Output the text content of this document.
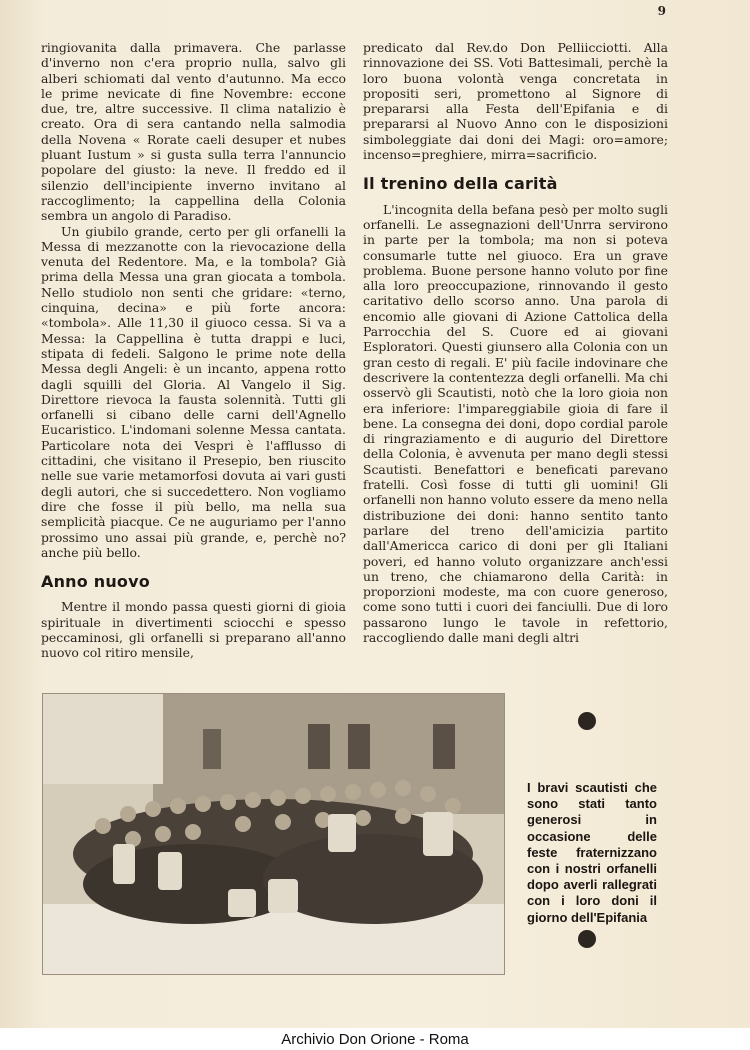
9

ringiovanita dalla primavera. Che parlasse d'inverno non c'era proprio nulla, salvo gli alberi schiomati dal vento d'autunno. Ma ecco le prime nevicate di fine Novembre: eccone due, tre, altre successive. Il clima natalizio è creato. Ora di sera cantando nella salmodia della Novena « Rorate caeli desuper et nubes pluant Iustum » si gusta sulla terra l'annuncio popolare del giusto: la neve. Il freddo ed il silenzio dell'incipiente inverno invitano al raccoglimento; la cappellina della Colonia sembra un angolo di Paradiso.

Un giubilo grande, certo per gli orfanelli la Messa di mezzanotte con la rievocazione della venuta del Redentore. Ma, e la tombola? Già prima della Messa una gran giocata a tombola. Nello studiolo non senti che gridare: «terno, cinquina, decina» e più forte ancora: «tombola». Alle 11,30 il giuoco cessa. Si va a Messa: la Cappellina è tutta drappi e luci, stipata di fedeli. Salgono le prime note della Messa degli Angeli: è un incanto, appena rotto dagli squilli del Gloria. Al Vangelo il Sig. Direttore rievoca la fausta solennità. Tutti gli orfanelli si cibano delle carni dell'Agnello Eucaristico. L'indomani solenne Messa cantata. Particolare nota dei Vespri è l'afflusso di cittadini, che visitano il Presepio, ben riuscito nelle sue varie metamorfosi dovuta ai vari gusti degli autori, che si succedettero. Non vogliamo dire che fosse il più bello, ma nella sua semplicità piacque. Ce ne auguriamo per l'anno prossimo uno assai più grande, e, perchè no? anche più bello.

Anno nuovo

Mentre il mondo passa questi giorni di gioia spirituale in divertimenti sciocchi e spesso peccaminosi, gli orfanelli si preparano all'anno nuovo col ritiro mensile,

predicato dal Rev.do Don Pelliicciotti. Alla rinnovazione dei SS. Voti Battesimali, perchè la loro buona volontà venga concretata in propositi seri, promettono al Signore di prepararsi alla Festa dell'Epifania e di prepararsi al Nuovo Anno con le disposizioni simboleggiate dai doni dei Magi: oro=amore; incenso=preghiere, mirra=sacrificio.

Il trenino della carità

L'incognita della befana pesò per molto sugli orfanelli. Le assegnazioni dell'Unrra servirono in parte per la tombola; ma non si poteva consumarle tutte nel giuoco. Era un grave problema. Buone persone hanno voluto por fine alla loro preoccupazione, rinnovando il gesto caritativo dello scorso anno. Una parola di encomio alle giovani di Azione Cattolica della Parrocchia del S. Cuore ed ai giovani Esploratori. Questi giunsero alla Colonia con un gran cesto di regali. E' più facile indovinare che descrivere la contentezza degli orfanelli. Ma chi osservò gli Scautisti, notò che la loro gioia non era inferiore: l'impareggiabile gioia di fare il bene. La consegna dei doni, dopo cordial parole di ringraziamento e di augurio del Direttore della Colonia, è avvenuta per mano degli stessi Scautisti. Benefattori e beneficati parevano fratelli. Così fosse di tutti gli uomini! Gli orfanelli non hanno voluto essere da meno nella distribuzione dei doni: hanno sentito tanto parlare del treno dell'amicizia partito dall'Americca carico di doni per gli Italiani poveri, ed hanno voluto organizzare anch'essi un treno, che chiamarono della Carità: in proporzioni modeste, ma con cuore generoso, come sono tutti i cuori dei fanciulli. Due di loro passarono lungo le tavole in refettorio, raccogliendo dalle mani degli altri

I bravi scautisti che sono stati tanto generosi in occasione delle feste fraternizzano con i nostri orfanelli dopo averli rallegrati con i loro doni il giorno dell'Epifania
Archivio Don Orione - Roma
